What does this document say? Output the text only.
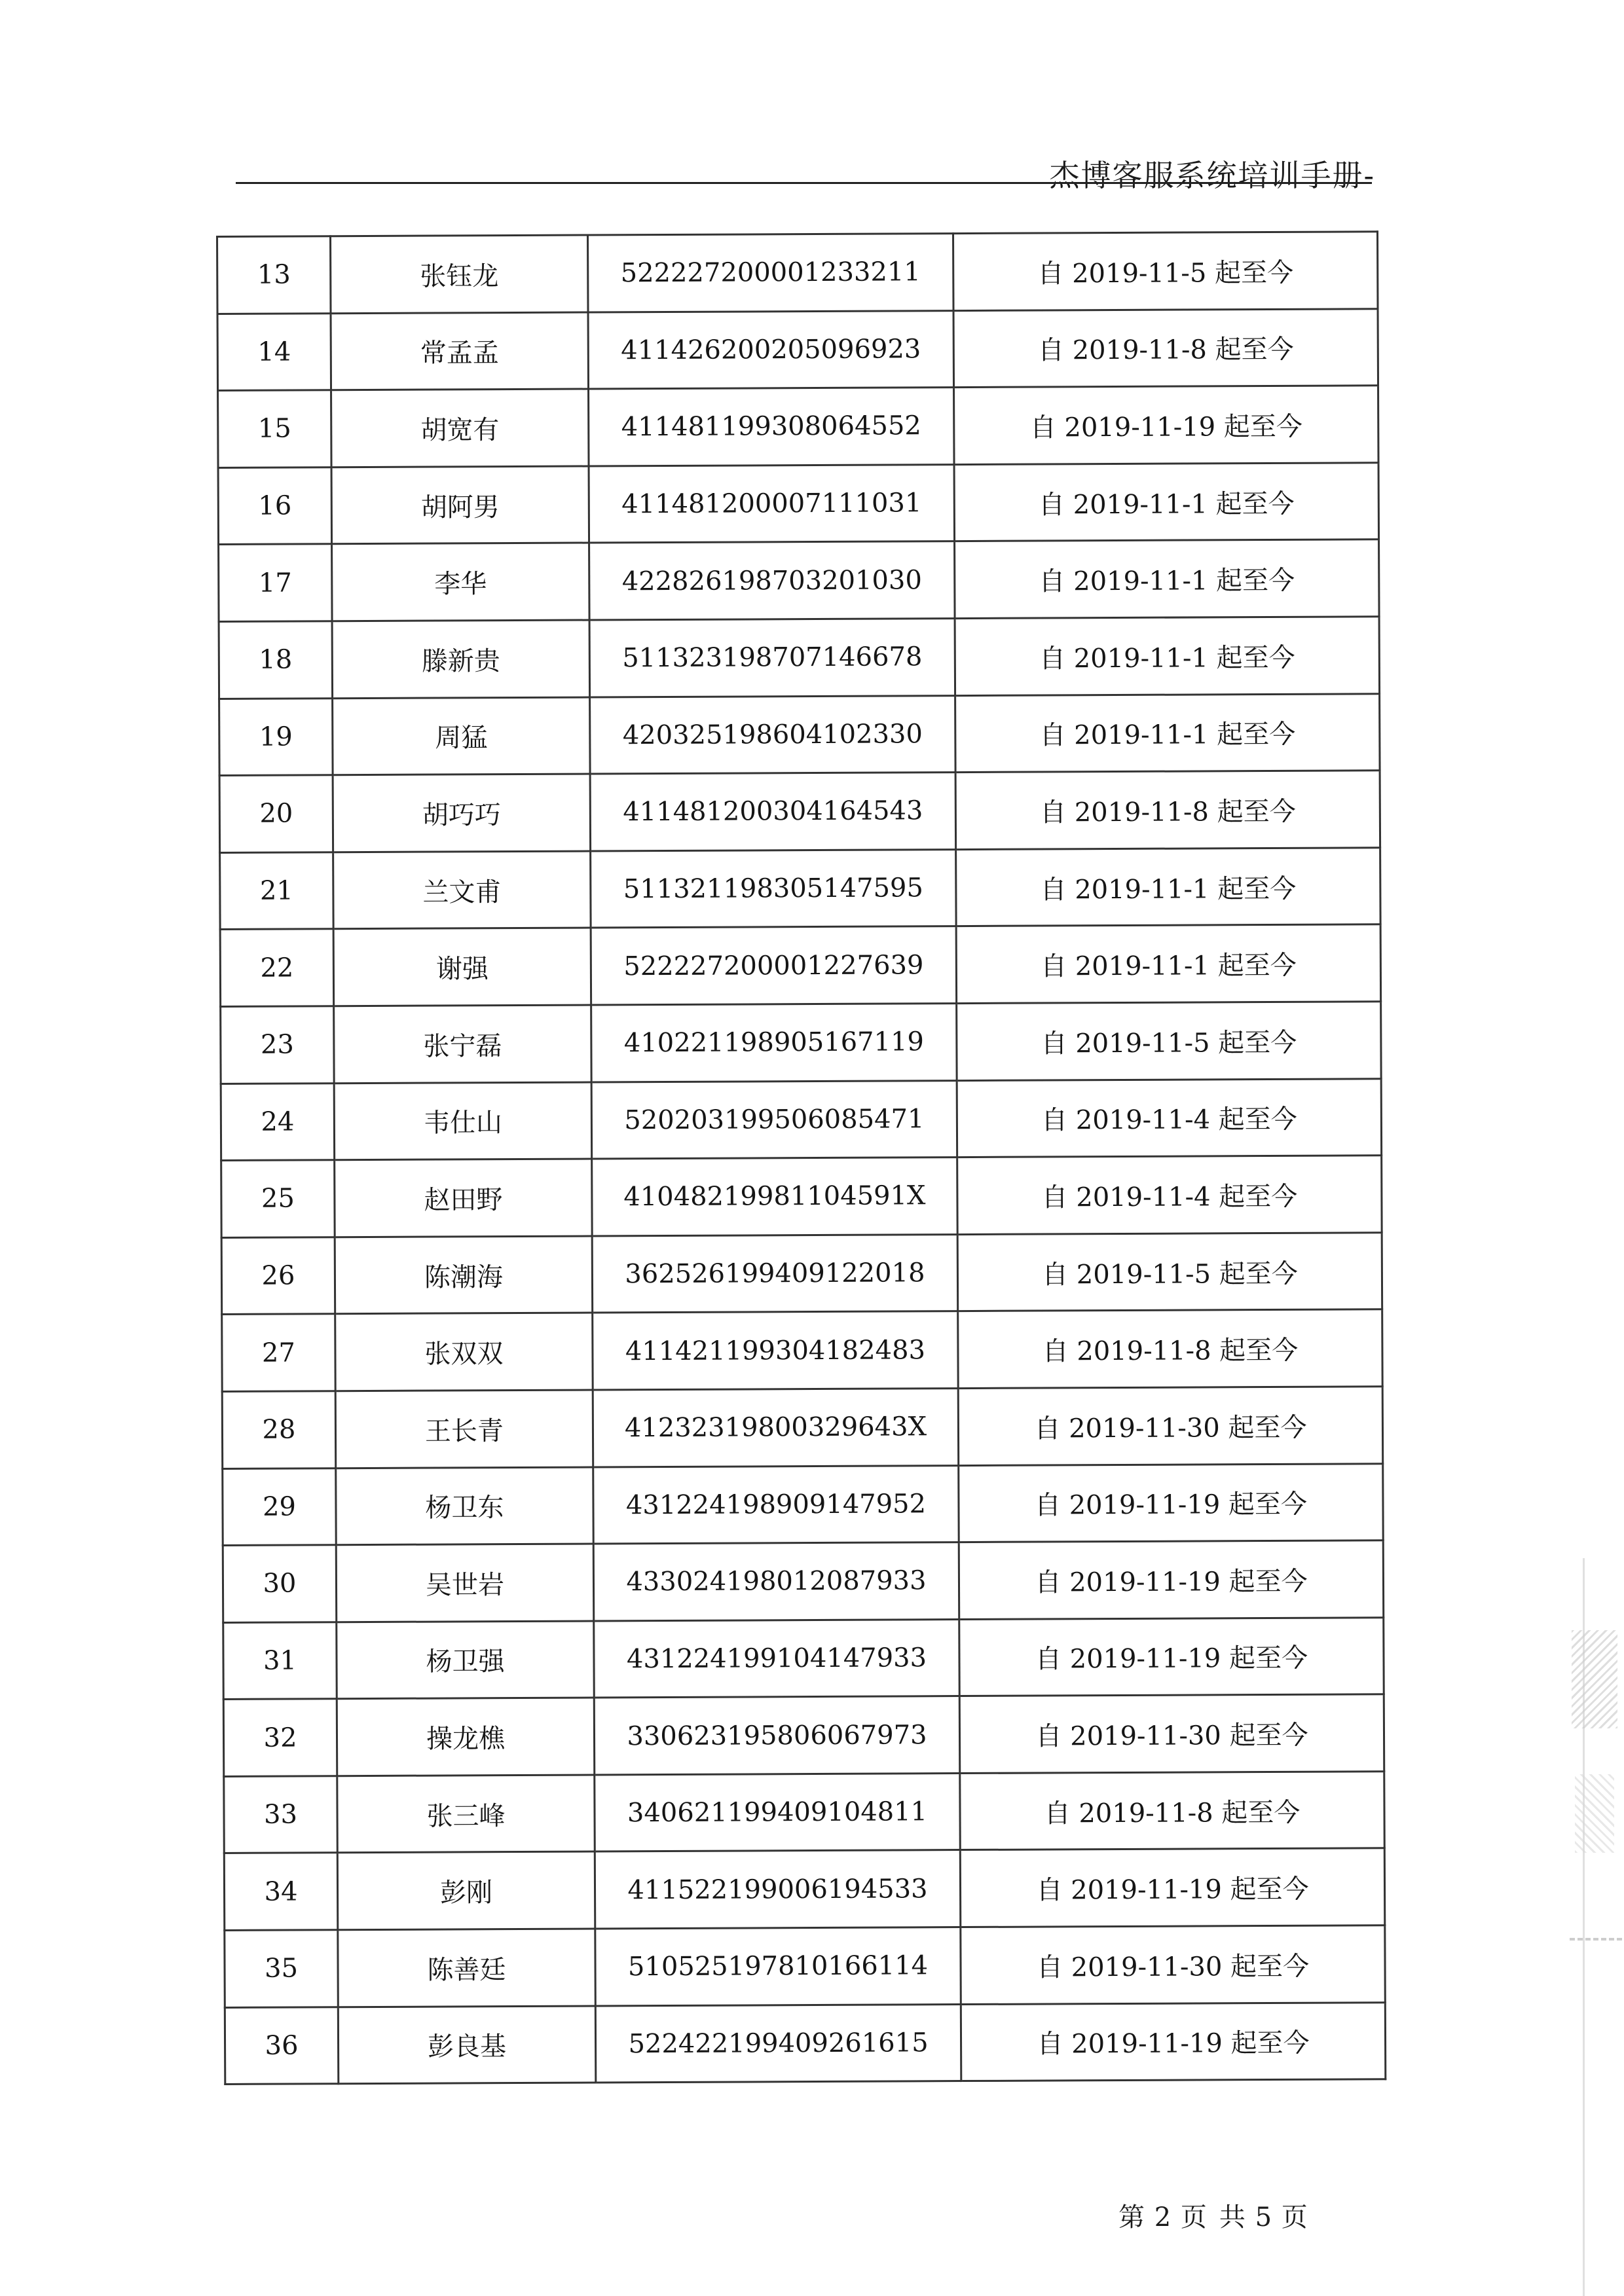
杰博客服系统培训手册-
13	张钰龙	522227200001233211	自 2019-11-5 起至今
14	常孟孟	411426200205096923	自 2019-11-8 起至今
15	胡宽有	411481199308064552	自 2019-11-19 起至今
16	胡阿男	411481200007111031	自 2019-11-1 起至今
17	李华	422826198703201030	自 2019-11-1 起至今
18	滕新贵	511323198707146678	自 2019-11-1 起至今
19	周猛	420325198604102330	自 2019-11-1 起至今
20	胡巧巧	411481200304164543	自 2019-11-8 起至今
21	兰文甫	511321198305147595	自 2019-11-1 起至今
22	谢强	522227200001227639	自 2019-11-1 起至今
23	张宁磊	410221198905167119	自 2019-11-5 起至今
24	韦仕山	520203199506085471	自 2019-11-4 起至今
25	赵田野	41048219981104591X	自 2019-11-4 起至今
26	陈潮海	362526199409122018	自 2019-11-5 起至今
27	张双双	411421199304182483	自 2019-11-8 起至今
28	王长青	41232319800329643X	自 2019-11-30 起至今
29	杨卫东	431224198909147952	自 2019-11-19 起至今
30	吴世岩	433024198012087933	自 2019-11-19 起至今
31	杨卫强	431224199104147933	自 2019-11-19 起至今
32	操龙樵	330623195806067973	自 2019-11-30 起至今
33	张三峰	340621199409104811	自 2019-11-8 起至今
34	彭刚	411522199006194533	自 2019-11-19 起至今
35	陈善廷	510525197810166114	自 2019-11-30 起至今
36	彭良基	522422199409261615	自 2019-11-19 起至今
第 2 页 共 5 页
